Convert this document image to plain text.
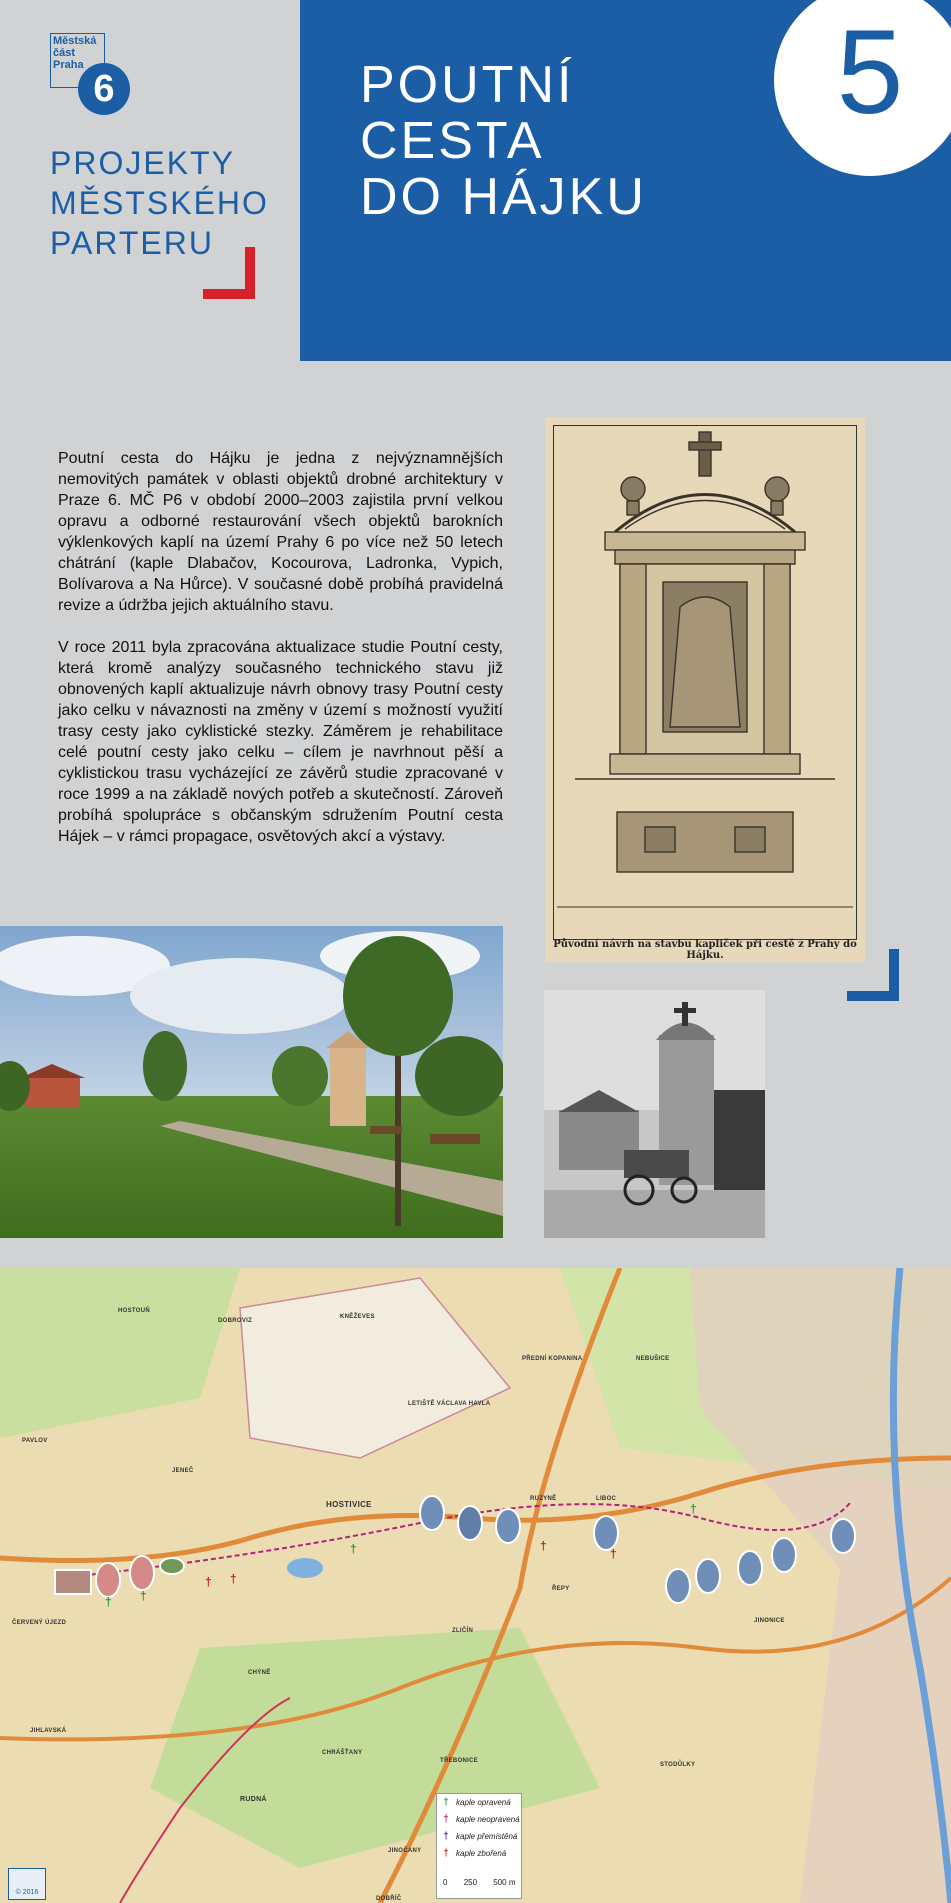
Městská
část
Praha
6
PROJEKTY
MĚSTSKÉHO
PARTERU
POUTNÍ
CESTA
DO HÁJKU
5

Poutní cesta do Hájku je jedna z nejvýznamnějších nemovitých památek v oblasti objektů drobné architektury v Praze 6. MČ P6 v období 2000–2003 zajistila první velkou opravu a odborné restaurování všech objektů barokních výklenkových kaplí na území Prahy 6 po více než 50 letech chátrání (kaple Dlabačov, Kocourova, Ladronka, Vypich, Bolívarova a Na Hůrce). V současné době probíhá pravidelná revize a údržba jejich aktuálního stavu.

V roce 2011 byla zpracována aktualizace studie Poutní cesty, která kromě analýzy současného technického stavu již obnovených kaplí aktualizuje návrh obnovy trasy Poutní cesty jako celku v návaznosti na změny v území s možností využití trasy cesty jako cyklistické stezky. Záměrem je rehabilitace celé poutní cesty jako celku – cílem je navrhnout pěší a cyklistickou trasu vycházející ze závěrů studie zpracované v roce 1999 a na základě nových potřeb a skutečností. Zároveň probíhá spolupráce s občanským sdružením Poutní cesta Hájek – v rámci propagace, osvětových akcí a výstavy.

Původní návrh na stavbu kapliček při cestě z Prahy do Hájku.
† †
†
†
† †
†
†
HOSTOUŇ
DOBROVIZ
KNĚŽEVES
PŘEDNÍ KOPANINA	NEBUŠICE
LETIŠTĚ VÁCLAVA HAVLA
PAVLOV
JENEČ
HOSTIVICE
RUZYNĚ	LIBOC
ŘEPY
ČERVENÝ ÚJEZD
CHÝNĚ
ZLIČÍN
RUDNÁ
JINONICE
JIHLAVSKÁ
CHRÁŠŤANY
TŘEBONICE
JINOČANY
DOBŘÍČ
STODŮLKY
† kaple opravená
† kaple neopravená
† kaple přemístěná
† kaple zbořená
0 250 500 m
© 2016
